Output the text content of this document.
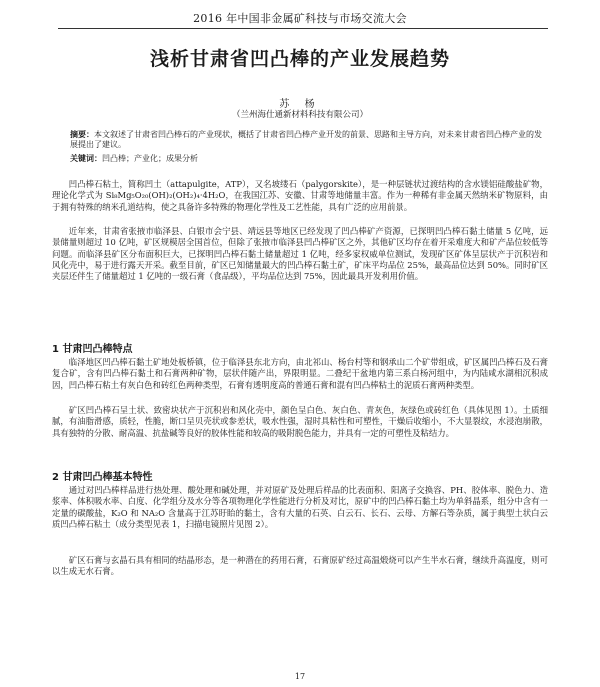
2016 年中国非金属矿科技与市场交流大会
浅析甘肃省凹凸棒的产业发展趋势
苏 杨
（兰州海仕通新材料科技有限公司）
摘要：本文叙述了甘肃省凹凸棒石的产业现状，概括了甘肃省凹凸棒产业开发的前景、思路和主导方向，对未来甘肃省凹凸棒产业的发展提出了建议。
关键词：凹凸棒；产业化；成果分析

凹凸棒石粘土，简称凹土（attapulgite，ATP），又名坡缕石（palygorskite），是一种层链状过渡结构的含水镁铝硅酸盐矿物，理论化学式为 Si₈Mg₅O₂₀(OH)₂(OH₂)₄·4H₂O，在我国江苏、安徽、甘肃等地储量丰富。作为一种稀有非金属天然纳米矿物原料，由于拥有特殊的纳米孔道结构，使之具备许多特殊的物理化学性及工艺性能，具有广泛的应用前景。

近年来，甘肃省张掖市临泽县、白银市会宁县、靖远县等地区已经发现了凹凸棒矿产资源，已探明凹凸棒石黏土储量 5 亿吨，远景储量则超过 10 亿吨，矿区规模居全国首位，但除了张掖市临泽县凹凸棒矿区之外，其他矿区均存在着开采难度大和矿产品位较低等问题。而临泽县矿区分布面积巨大，已探明凹凸棒石黏土储量超过 1 亿吨，经多家权威单位测试，发现矿区矿体呈层状产于沉积岩和风化壳中，易于进行露天开采。截至目前，矿区已知储量最大的凹凸棒石黏土矿，矿床平均品位 25%，最高品位达到 50%。同时矿区夹层还伴生了储量超过 1 亿吨的一级石膏（食品级），平均品位达到 75%，因此最具开发利用价值。

1 甘肃凹凸棒特点

临泽地区凹凸棒石黏土矿地处板桥镇，位于临泽县东北方向，由北祁山、杨台村等和钢承山二个矿带组成，矿区属凹凸棒石及石膏复合矿，含有凹凸棒石黏土和石膏两种矿物，层状伴随产出，界限明显。二叠纪干盆地内第三系白杨河组中，为内陆咸水湖相沉积成因，凹凸棒石粘土有灰白色和砖红色两种类型，石膏有透明度高的普通石膏和混有凹凸棒粘土的泥质石膏两种类型。

矿区凹凸棒石呈土状、致密块状产于沉积岩和风化壳中，颜色呈白色、灰白色、青灰色，灰绿色或砖红色（具体见图 1）。土质细腻，有油脂滑感，质轻，性脆，断口呈贝壳状或参差状，吸水性强，湿时具粘性和可塑性，干燥后收缩小，不大显裂纹，水浸泡崩散，具有独特的分散、耐高温、抗盐碱等良好的胶体性能和较高的吸附脱色能力，并具有一定的可塑性及粘结力。

2 甘肃凹凸棒基本特性

通过对凹凸棒样品进行热处理、酸处理和碱处理，并对原矿及处理后样品的比表面积、阳离子交换容、PH、胶体率、脱色力、造浆率、体积吸水率、白度、化学组分及水分等各项物理化学性能进行分析及对比，原矿中的凹凸棒石黏土均为单斜晶系，组分中含有一定量的碳酸盐，K₂O 和 NA₂O 含量高于江苏盱眙的黏土，含有大量的石英、白云石、长石、云母、方解石等杂质，属于典型土状白云质凹凸棒石粘土（成分类型见表 1，扫描电镜照片见图 2）。

矿区石膏与玄晶石具有相同的结晶形态，是一种潜在的药用石膏，石膏原矿经过高温煅烧可以产生半水石膏，继续升高温度，则可以生成无水石膏。

17
